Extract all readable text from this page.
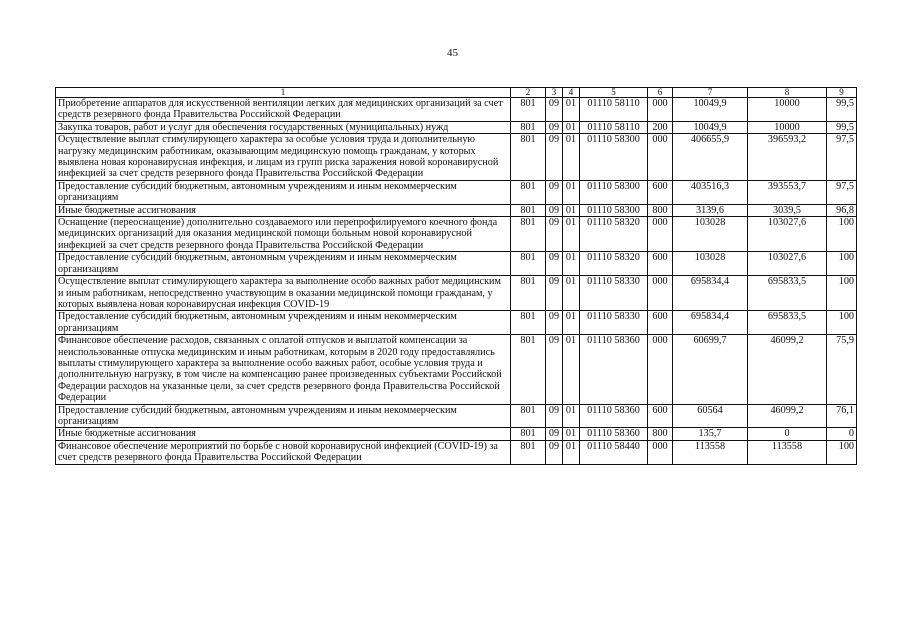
45
1	2	3	4	5	6	7	8	9
Приобретение аппаратов для искусственной вентиляции легких для медицинских организаций за счет средств резервного фонда Правительства Российской Федерации	801	09	01	01110 58110	000	10049,9	10000	99,5
Закупка товаров, работ и услуг для обеспечения государственных (муниципальных) нужд	801	09	01	01110 58110	200	10049,9	10000	99,5
Осуществление выплат стимулирующего характера за особые условия труда и дополнительную нагрузку медицинским работникам, оказывающим медицинскую помощь гражданам, у которых выявлена новая коронавирусная инфекция, и лицам из групп риска заражения новой коронавирусной инфекцией за счет средств резервного фонда Правительства Российской Федерации	801	09	01	01110 58300	000	406655,9	396593,2	97,5
Предоставление субсидий бюджетным, автономным учреждениям и иным некоммерческим организациям	801	09	01	01110 58300	600	403516,3	393553,7	97,5
Иные бюджетные ассигнования	801	09	01	01110 58300	800	3139,6	3039,5	96,8
Оснащение (переоснащение) дополнительно создаваемого или перепрофилируемого коечного фонда медицинских организаций для оказания медицинской помощи больным новой коронавирусной инфекцией за счет средств резервного фонда Правительства Российской Федерации	801	09	01	01110 58320	000	103028	103027,6	100
Предоставление субсидий бюджетным, автономным учреждениям и иным некоммерческим организациям	801	09	01	01110 58320	600	103028	103027,6	100
Осуществление выплат стимулирующего характера за выполнение особо важных работ медицинским и иным работникам, непосредственно участвующим в оказании медицинской помощи гражданам, у которых выявлена новая коронавирусная инфекция COVID-19	801	09	01	01110 58330	000	695834,4	695833,5	100
Предоставление субсидий бюджетным, автономным учреждениям и иным некоммерческим организациям	801	09	01	01110 58330	600	695834,4	695833,5	100
Финансовое обеспечение расходов, связанных с оплатой отпусков и выплатой компенсации за неиспользованные отпуска медицинским и иным работникам, которым в 2020 году предоставлялись выплаты стимулирующего характера за выполнение особо важных работ, особые условия труда и дополнительную нагрузку, в том числе на компенсацию ранее произведенных субъектами Российской Федерации расходов на указанные цели, за счет средств резервного фонда Правительства Российской Федерации	801	09	01	01110 58360	000	60699,7	46099,2	75,9
Предоставление субсидий бюджетным, автономным учреждениям и иным некоммерческим организациям	801	09	01	01110 58360	600	60564	46099,2	76,1
Иные бюджетные ассигнования	801	09	01	01110 58360	800	135,7	0	0
Финансовое обеспечение мероприятий по борьбе с новой коронавирусной инфекцией (COVID-19) за счет средств резервного фонда Правительства Российской Федерации	801	09	01	01110 58440	000	113558	113558	100
